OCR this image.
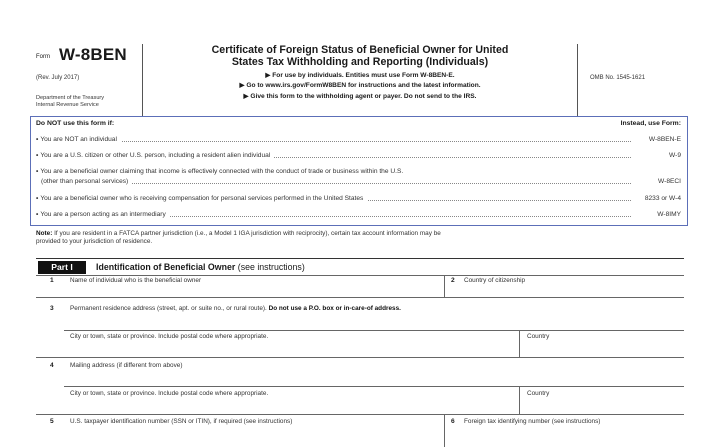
Form W-8BEN
(Rev. July 2017)
Department of the Treasury
Internal Revenue Service
Certificate of Foreign Status of Beneficial Owner for United
States Tax Withholding and Reporting (Individuals)
▶ For use by individuals. Entities must use Form W-8BEN-E.
▶ Go to www.irs.gov/FormW8BEN for instructions and the latest information.
▶ Give this form to the withholding agent or payer. Do not send to the IRS.
OMB No. 1545-1621
Do NOT use this form if:	Instead, use Form:
• You are NOT an individual	W-8BEN-E
• You are a U.S. citizen or other U.S. person, including a resident alien individual	W-9
• You are a beneficial owner claiming that income is effectively connected with the conduct of trade or business within the U.S.
(other than personal services)	W-8ECI
• You are a beneficial owner who is receiving compensation for personal services performed in the United States	8233 or W-4
• You are a person acting as an intermediary	W-8IMY
Note: If you are resident in a FATCA partner jurisdiction (i.e., a Model 1 IGA jurisdiction with reciprocity), certain tax account information may be
provided to your jurisdiction of residence.
Part I	Identification of Beneficial Owner (see instructions)
1	Name of individual who is the beneficial owner	2 Country of citizenship
3	Permanent residence address (street, apt. or suite no., or rural route). Do not use a P.O. box or in-care-of address.
City or town, state or province. Include postal code where appropriate.	Country
4	Mailing address (if different from above)
City or town, state or province. Include postal code where appropriate.	Country
5	U.S. taxpayer identification number (SSN or ITIN), if required (see instructions)	6 Foreign tax identifying number (see instructions)
